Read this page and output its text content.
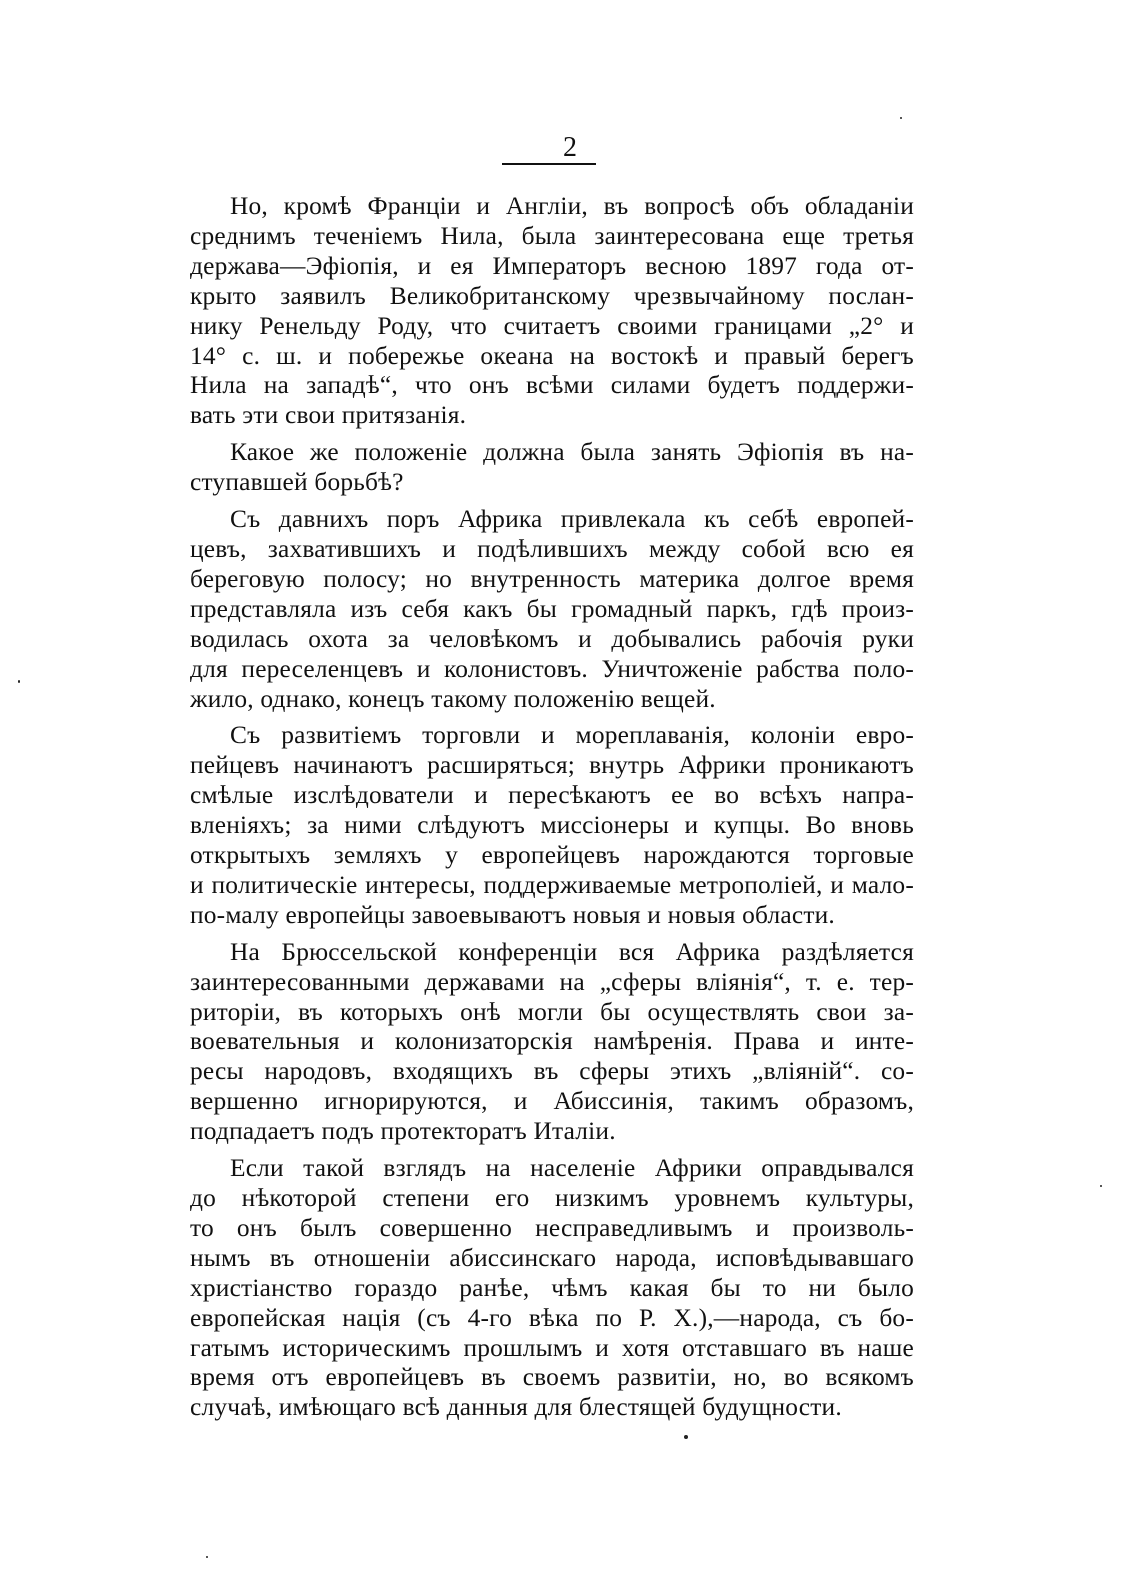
2

Но, кромѣ Франціи и Англіи, въ вопросѣ объ обладаніи
среднимъ теченіемъ Нила, была заинтересована еще третья
держава—Эфіопія, и ея Императоръ весною 1897 года от-
крыто заявилъ Великобританскому чрезвычайному послан-
нику Ренельду Роду, что считаетъ своими границами „2° и
14° с. ш. и побережье океана на востокѣ и правый берегъ
Нила на западѣ“, что онъ всѣми силами будетъ поддержи-
вать эти свои притязанія.
Какое же положеніе должна была занять Эфіопія въ на-
ступавшей борьбѣ?
Съ давнихъ поръ Африка привлекала къ себѣ европей-
цевъ, захватившихъ и подѣлившихъ между собой всю ея
береговую полосу; но внутренность материка долгое время
представляла изъ себя какъ бы громадный паркъ, гдѣ произ-
водилась охота за человѣкомъ и добывались рабочія руки
для переселенцевъ и колонистовъ. Уничтоженіе рабства поло-
жило, однако, конецъ такому положенію вещей.
Съ развитіемъ торговли и мореплаванія, колоніи евро-
пейцевъ начинаютъ расширяться; внутрь Африки проникаютъ
смѣлые изслѣдователи и пересѣкаютъ ее во всѣхъ напра-
вленіяхъ; за ними слѣдуютъ миссіонеры и купцы. Во вновь
открытыхъ земляхъ у европейцевъ нарождаются торговые
и политическіе интересы, поддерживаемые метрополіей, и мало-
по-малу европейцы завоевываютъ новыя и новыя области.
На Брюссельской конференціи вся Африка раздѣляется
заинтересованными державами на „сферы вліянія“, т. е. тер-
риторіи, въ которыхъ онѣ могли бы осуществлять свои за-
воевательныя и колонизаторскія намѣренія. Права и инте-
ресы народовъ, входящихъ въ сферы этихъ „вліяній“. со-
вершенно игнорируются, и Абиссинія, такимъ образомъ,
подпадаетъ подъ протекторатъ Италіи.
Если такой взглядъ на населеніе Африки оправдывался
до нѣкоторой степени его низкимъ уровнемъ культуры,
то онъ былъ совершенно несправедливымъ и произволь-
нымъ въ отношеніи абиссинскаго народа, исповѣдывавшаго
христіанство гораздо ранѣе, чѣмъ какая бы то ни было
европейская нація (съ 4-го вѣка по Р. Х.),—народа, съ бо-
гатымъ историческимъ прошлымъ и хотя отставшаго въ наше
время отъ европейцевъ въ своемъ развитіи, но, во всякомъ
случаѣ, имѣющаго всѣ данныя для блестящей будущности.
